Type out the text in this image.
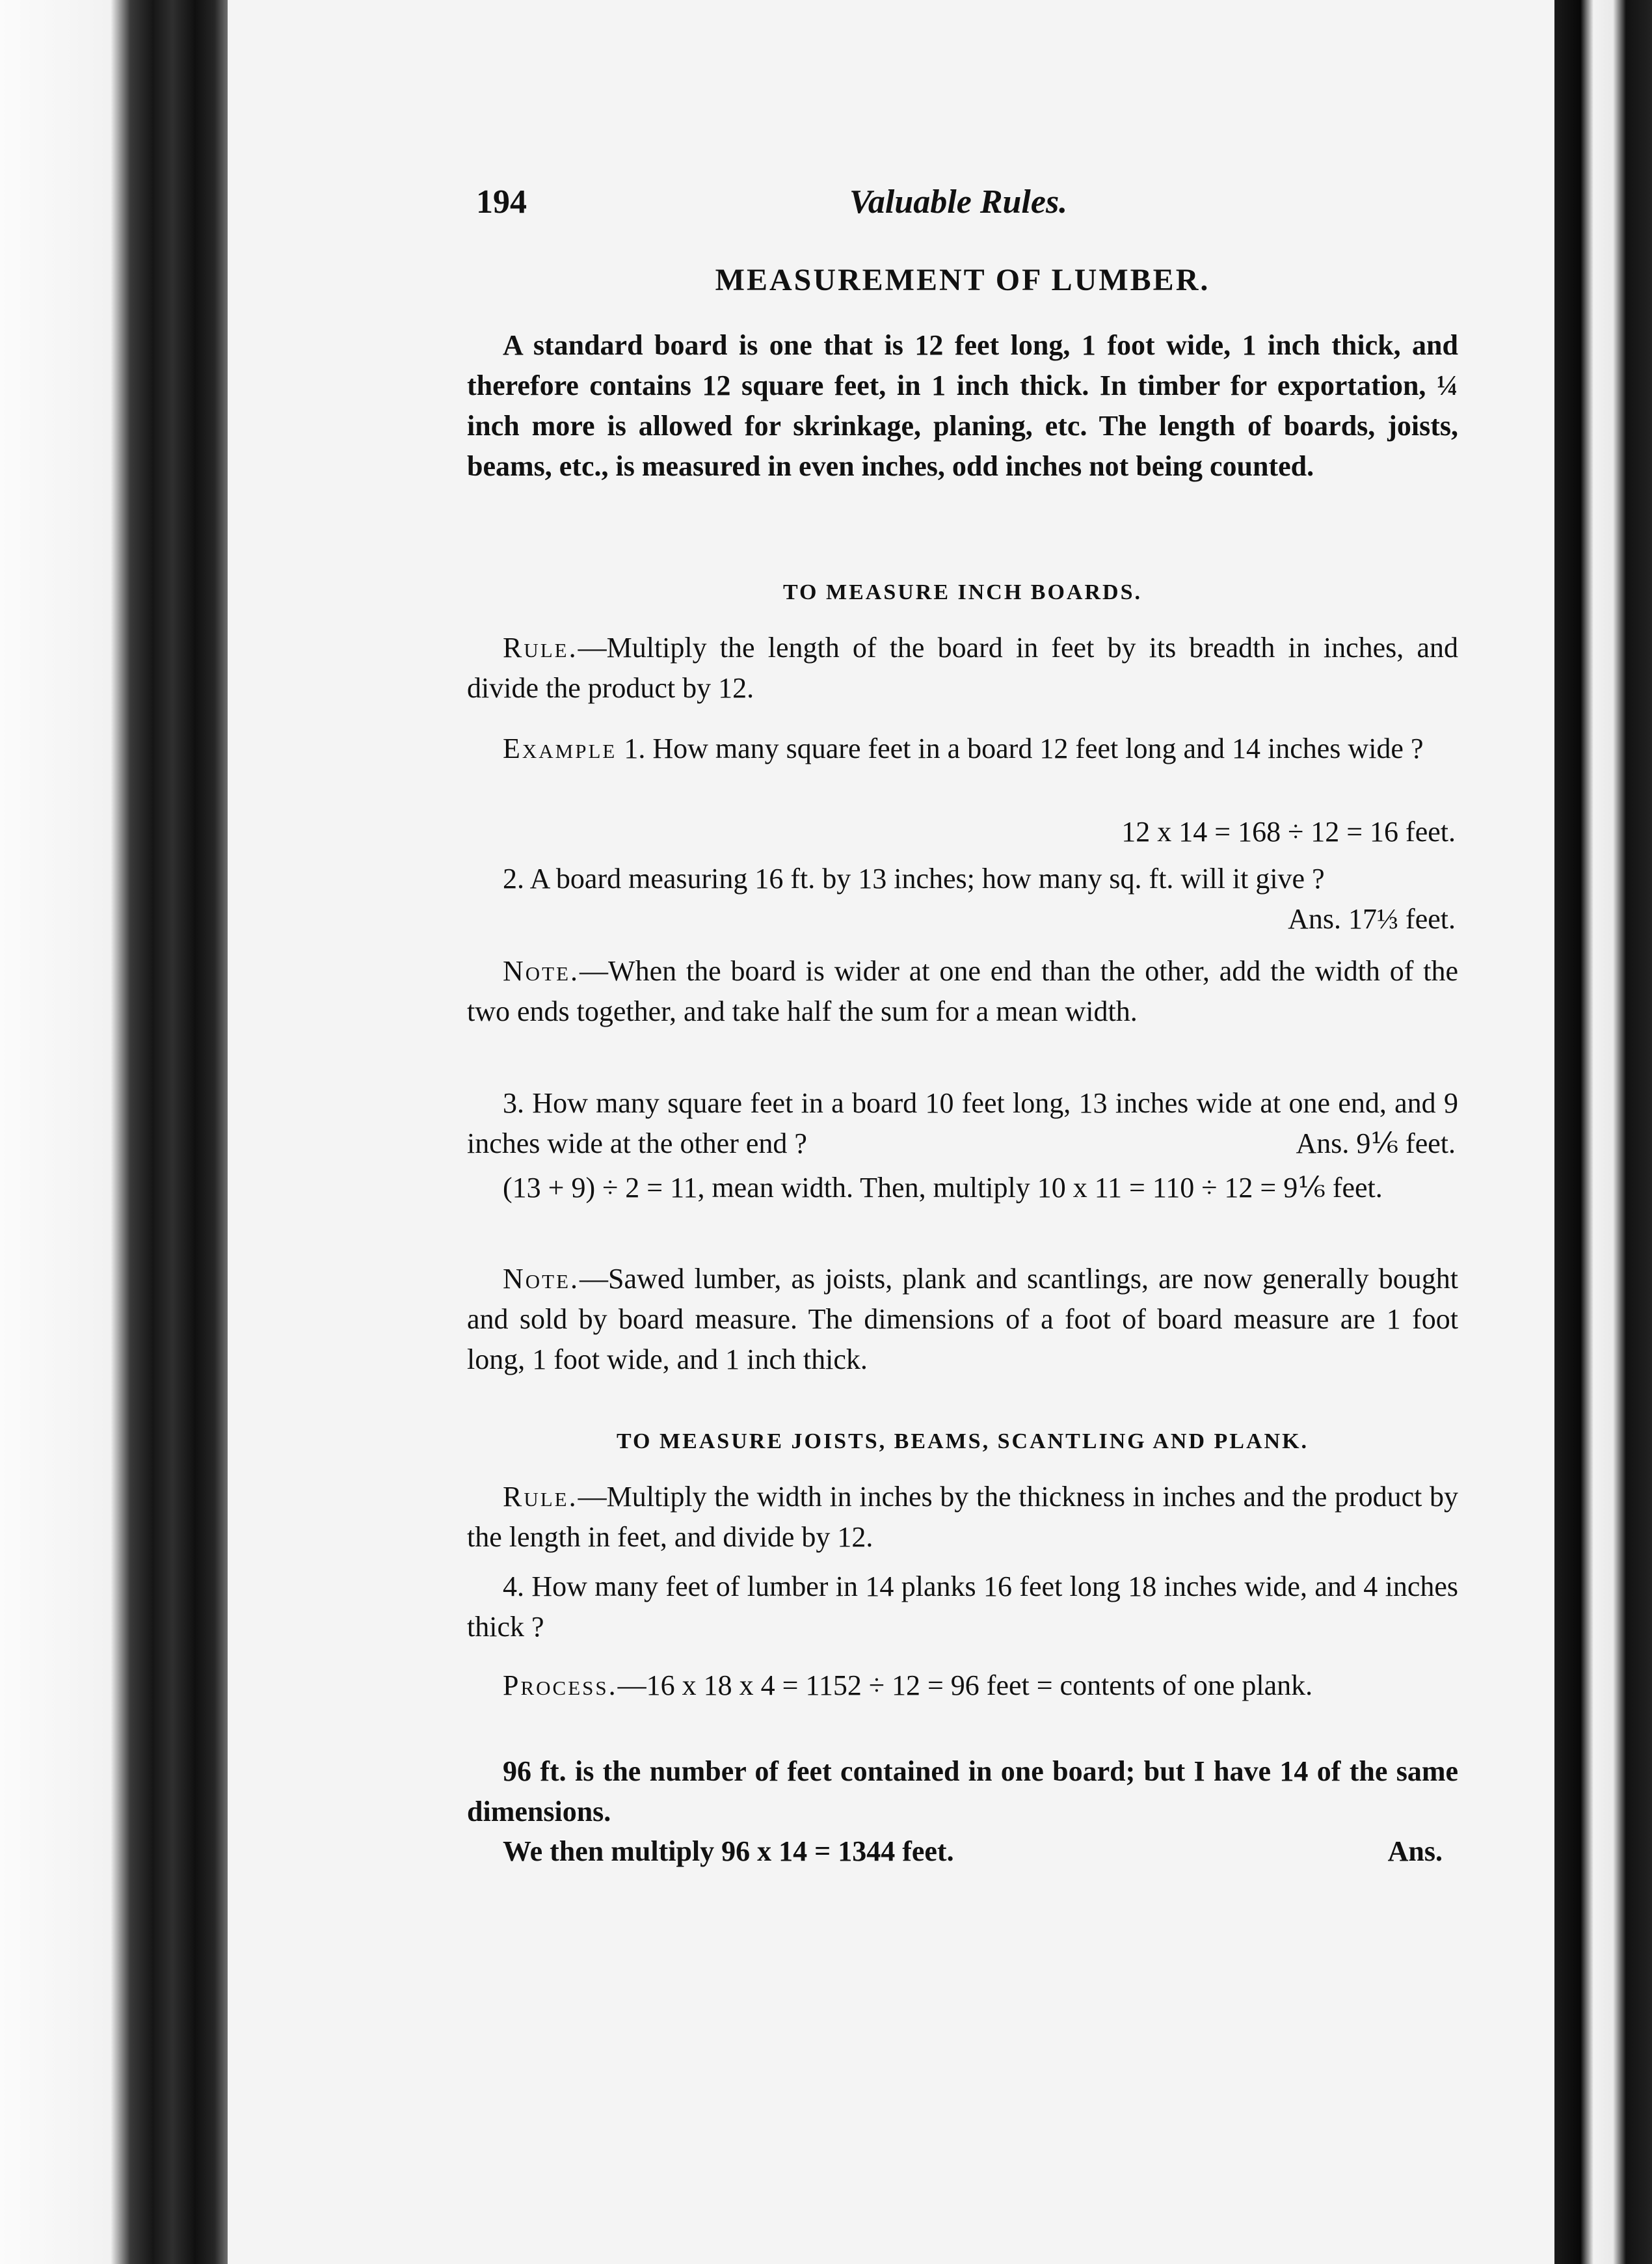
194	Valuable Rules.
MEASUREMENT OF LUMBER.
A standard board is one that is 12 feet long, 1 foot wide, 1 inch thick, and therefore contains 12 square feet, in 1 inch thick. In timber for exportation, ¼ inch more is allowed for skrinkage, planing, etc. The length of boards, joists, beams, etc., is measured in even inches, odd inches not being counted.
TO MEASURE INCH BOARDS.
Rule.—Multiply the length of the board in feet by its breadth in inches, and divide the product by 12.
Example 1. How many square feet in a board 12 feet long and 14 inches wide ?
12 x 14 = 168 ÷ 12 = 16 feet.
2. A board measuring 16 ft. by 13 inches; how many sq. ft. will it give ?
Ans. 17⅓ feet.
Note.—When the board is wider at one end than the other, add the width of the two ends together, and take half the sum for a mean width.
3. How many square feet in a board 10 feet long, 13 inches wide at one end, and 9 inches wide at the other end ?	Ans. 9⅙ feet.
(13 + 9) ÷ 2 = 11, mean width. Then, multiply 10 x 11 = 110 ÷ 12 = 9⅙ feet.
Note.—Sawed lumber, as joists, plank and scantlings, are now generally bought and sold by board measure. The dimensions of a foot of board measure are 1 foot long, 1 foot wide, and 1 inch thick.
TO MEASURE JOISTS, BEAMS, SCANTLING AND PLANK.
Rule.—Multiply the width in inches by the thickness in inches and the product by the length in feet, and divide by 12.
4. How many feet of lumber in 14 planks 16 feet long 18 inches wide, and 4 inches thick ?
Process.—16 x 18 x 4 = 1152 ÷ 12 = 96 feet = contents of one plank.
96 ft. is the number of feet contained in one board; but I have 14 of the same dimensions.
We then multiply 96 x 14 = 1344 feet.	Ans.
